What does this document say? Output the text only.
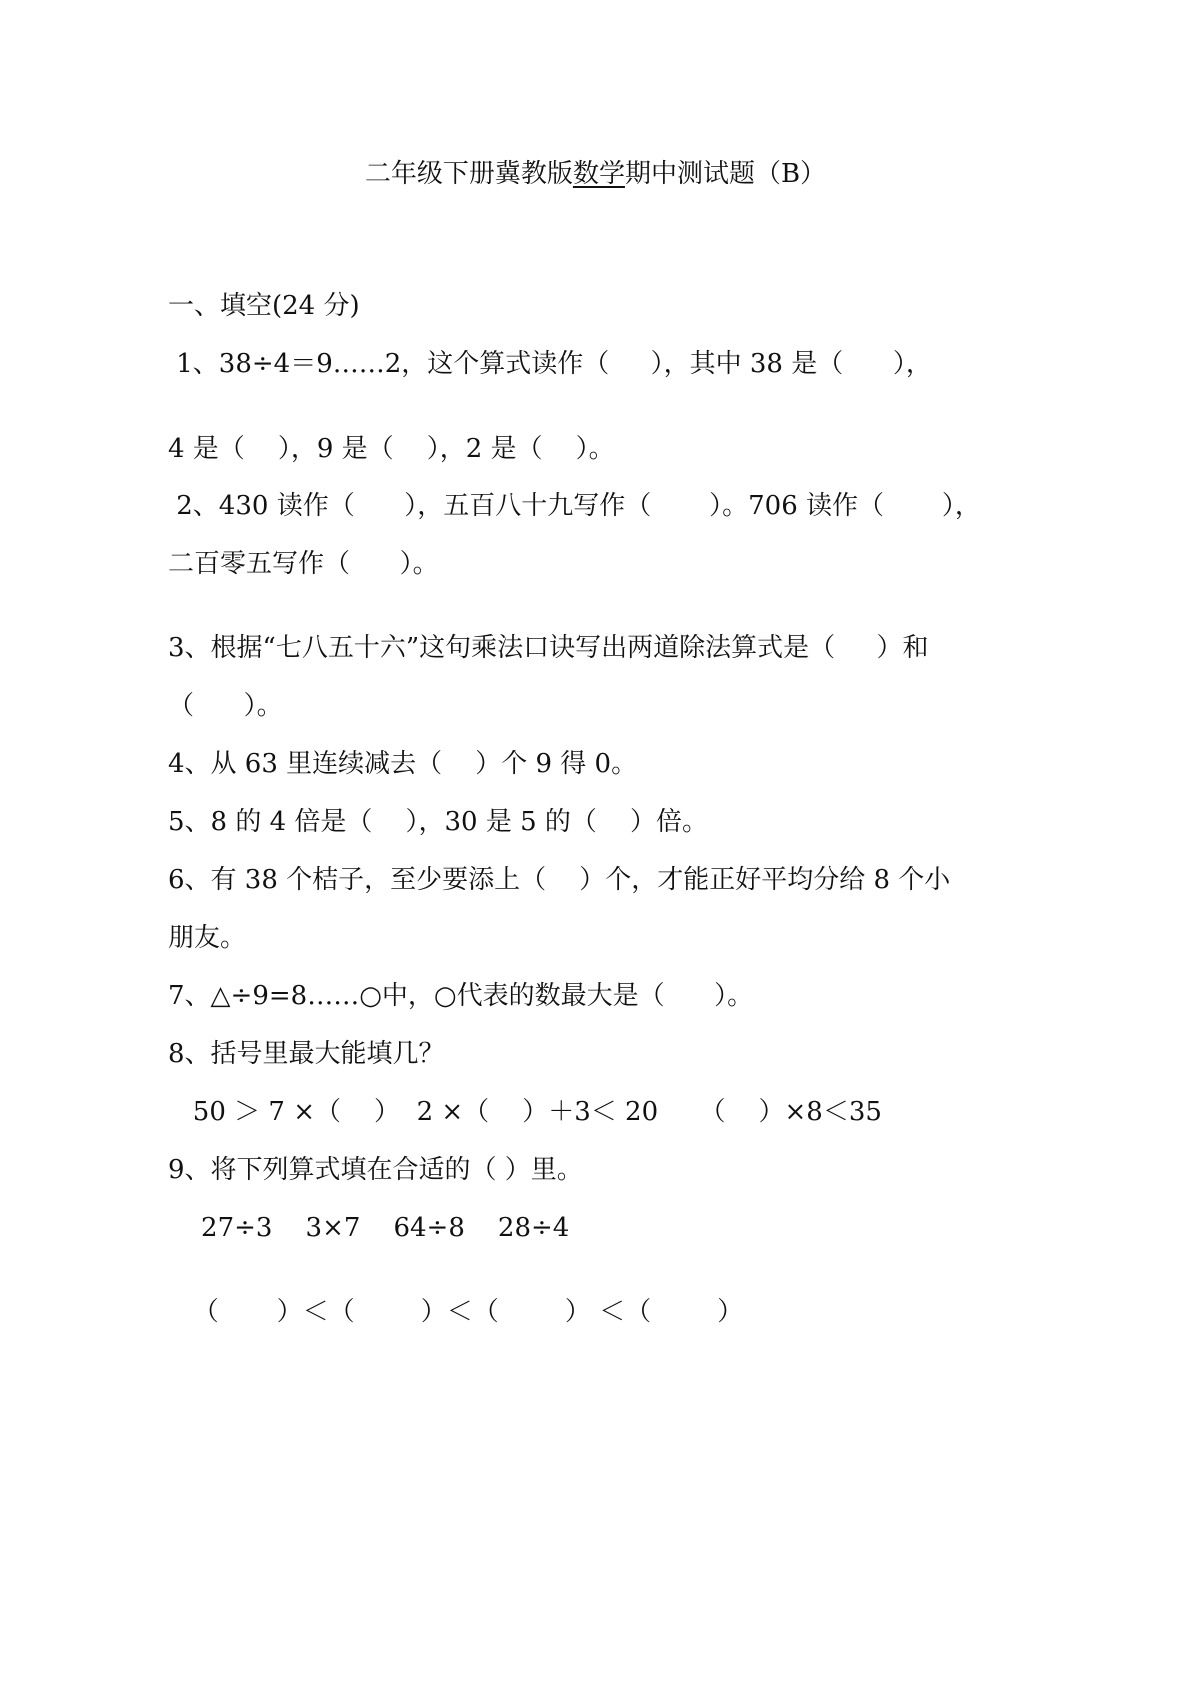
二年级下册冀教版数学期中测试题（B）

一、填空(24 分)

1、38÷4＝9……2，这个算式读作（     ），其中 38 是（      ），

4 是（    ），9 是（    ），2 是（    ）。

2、430 读作（      ），五百八十九写作（       ）。706 读作（       ），

二百零五写作（      ）。

3、根据“七八五十六”这句乘法口诀写出两道除法算式是（     ）和

（      ）。

4、从 63 里连续减去（    ）个 9 得 0。

5、8 的 4 倍是（    ），30 是 5 的（    ）倍。

6、有 38 个桔子，至少要添上（    ）个，才能正好平均分给 8 个小

朋友。

7、△÷9=8……○中，○代表的数最大是（      ）。

8、括号里最大能填几？

50 ＞ 7 ×（    ）  2 ×（    ）＋3＜ 20     （    ）×8＜35

9、将下列算式填在合适的（ ）里。

27÷3    3×7    64÷8    28÷4

（       ）＜（        ）＜（        ） ＜（        ）
